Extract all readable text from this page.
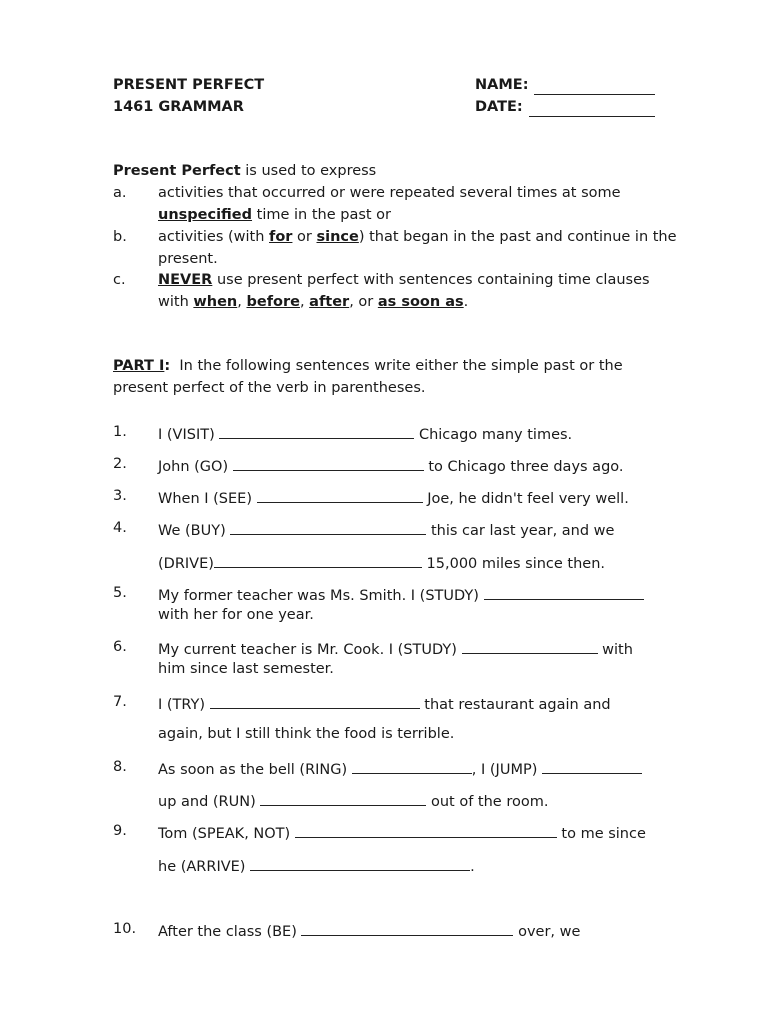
PRESENT PERFECT
1461 GRAMMAR
NAME:
DATE:
Present Perfect is used to express
a. activities that occurred or were repeated several times at some
unspecified time in the past or
b. activities (with for or since) that began in the past and continue in the
present.
c. NEVER use present perfect with sentences containing time clauses
with when, before, after, or as soon as.
PART I: In the following sentences write either the simple past or the
present perfect of the verb in parentheses.
1. I (VISIT)	Chicago many times.
2. John (GO)	to Chicago three days ago.
3. When I (SEE)	Joe, he didn't feel very well.
4. We (BUY)	this car last year, and we
(DRIVE)	15,000 miles since then.
5. My former teacher was Ms. Smith. I (STUDY)
with her for one year.
6. My current teacher is Mr. Cook. I (STUDY)	with
him since last semester.
7. I (TRY)	that restaurant again and
again, but I still think the food is terrible.
8. As soon as the bell (RING)	, I (JUMP)
up and (RUN)	out of the room.
9. Tom (SPEAK, NOT)	to me since
he (ARRIVE)	.
10. After the class (BE)	over, we
